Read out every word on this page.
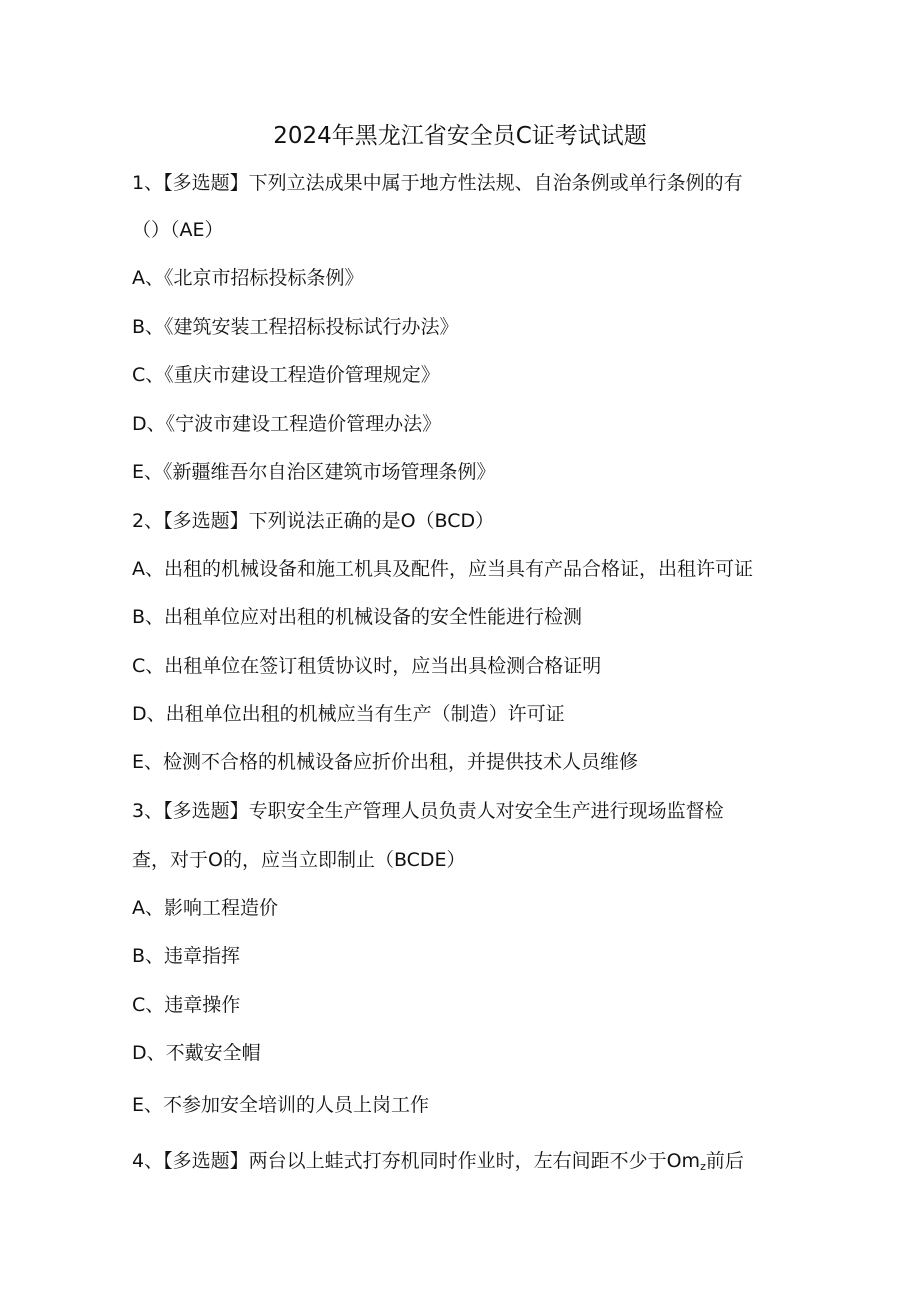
2024年黑龙江省安全员C证考试试题
1、【多选题】下列立法成果中属于地方性法规、自治条例或单行条例的有
（）（AE）
A、《北京市招标投标条例》
B、《建筑安装工程招标投标试行办法》
C、《重庆市建设工程造价管理规定》
D、《宁波市建设工程造价管理办法》
E、《新疆维吾尔自治区建筑市场管理条例》
2、【多选题】下列说法正确的是O（BCD）
A、出租的机械设备和施工机具及配件，应当具有产品合格证，出租许可证
B、出租单位应对出租的机械设备的安全性能进行检测
C、出租单位在签订租赁协议时，应当出具检测合格证明
D、出租单位出租的机械应当有生产（制造）许可证
E、检测不合格的机械设备应折价出租，并提供技术人员维修
3、【多选题】专职安全生产管理人员负责人对安全生产进行现场监督检
查，对于O的，应当立即制止（BCDE）
A、影响工程造价
B、违章指挥
C、违章操作
D、不戴安全帽
E、不参加安全培训的人员上岗工作
4、【多选题】两台以上蛙式打夯机同时作业时，左右间距不少于$Om_z$前后
